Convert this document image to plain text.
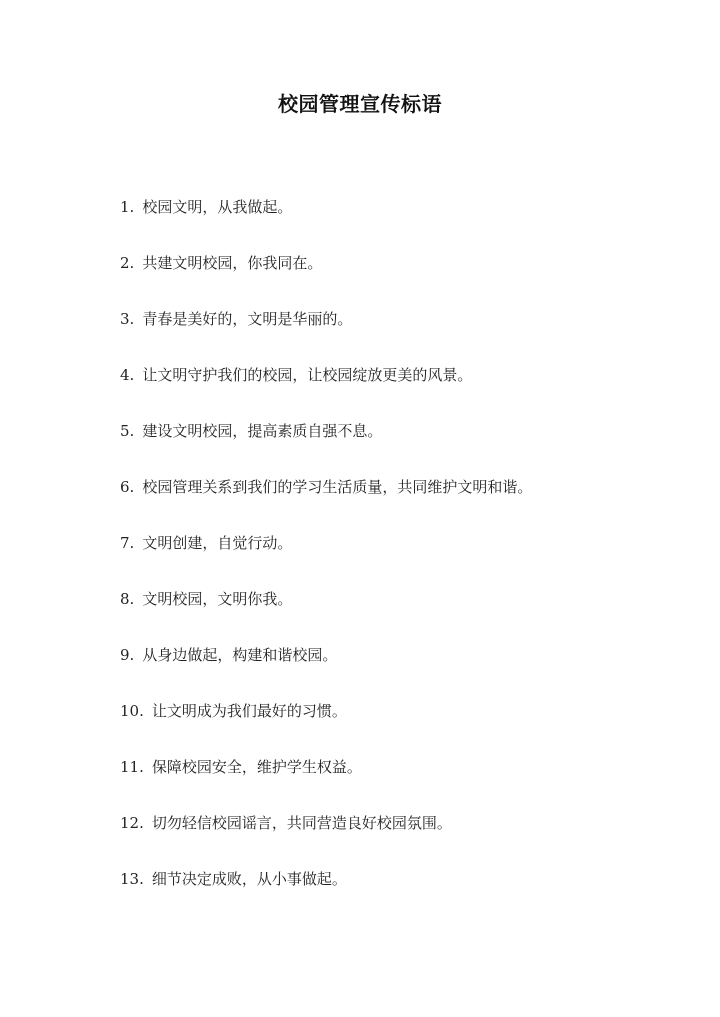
校园管理宣传标语
1. 校园文明，从我做起。
2. 共建文明校园，你我同在。
3. 青春是美好的，文明是华丽的。
4. 让文明守护我们的校园，让校园绽放更美的风景。
5. 建设文明校园，提高素质自强不息。
6. 校园管理关系到我们的学习生活质量，共同维护文明和谐。
7. 文明创建，自觉行动。
8. 文明校园，文明你我。
9. 从身边做起，构建和谐校园。
10. 让文明成为我们最好的习惯。
11. 保障校园安全，维护学生权益。
12. 切勿轻信校园谣言，共同营造良好校园氛围。
13. 细节决定成败，从小事做起。
